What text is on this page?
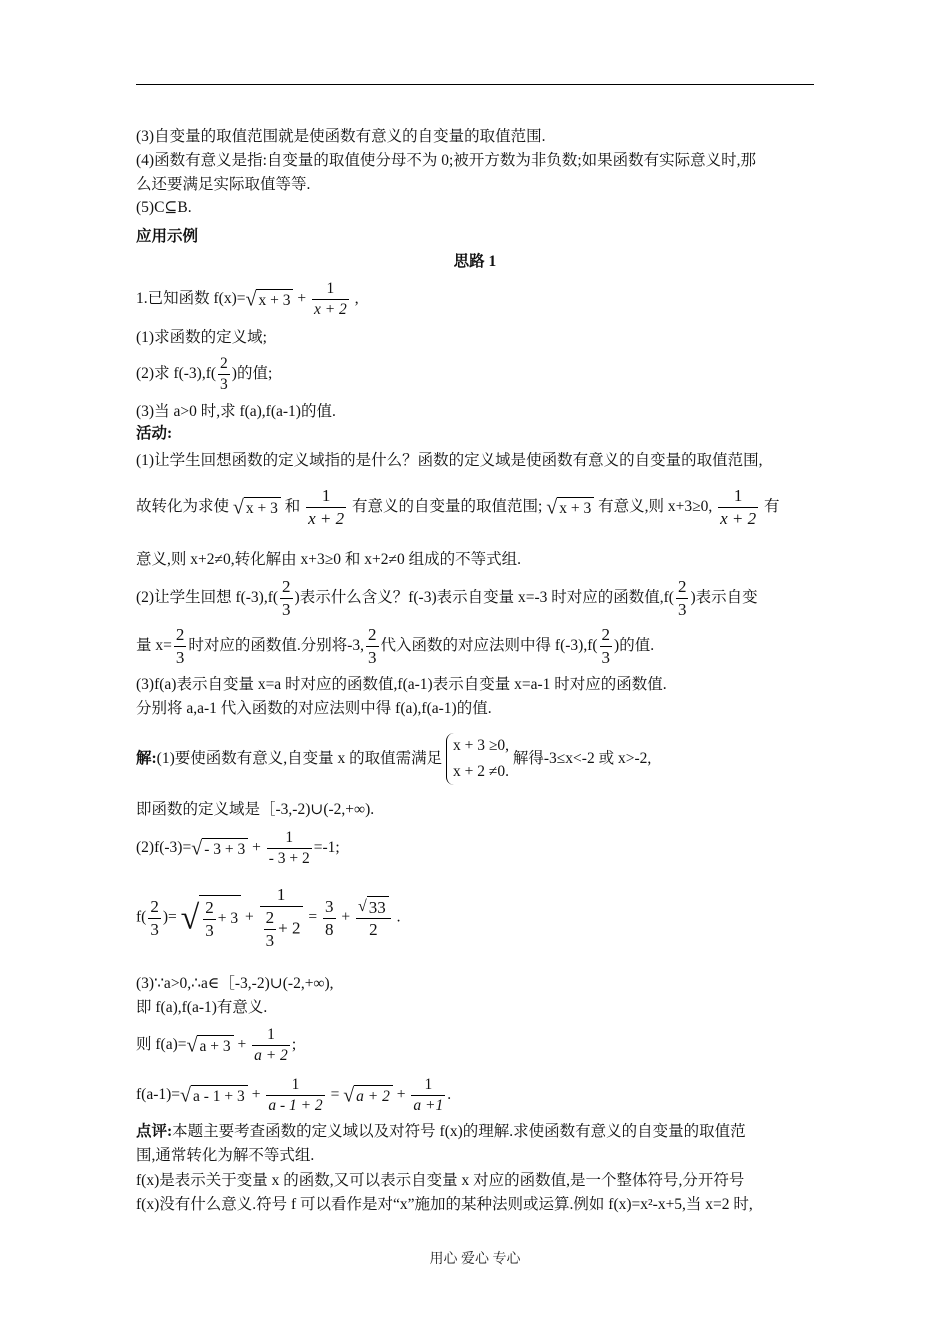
(3)自变量的取值范围就是使函数有意义的自变量的取值范围.
(4)函数有意义是指:自变量的取值使分母不为 0;被开方数为非负数;如果函数有实际意义时,那
么还要满足实际取值等等.
(5)C⊆B.
应用示例
思路 1
1.已知函数 f(x)=√ $x + 3 + \frac{1}{x + 2}$ ,
(1)求函数的定义域;
(2)求 $f(-3),f( \frac{2}{3}$ )的值;
(3)当 a>0 时,求 f(a),f(a-1)的值.
活动:
(1)让学生回想函数的定义域指的是什么？函数的定义域是使函数有意义的自变量的取值范围,
故转化为求使 √ x + 3 和 $\frac{1}{x + 2}$ 有意义的自变量的取值范围; √ x + 3 有意义,则 x+3≥0, $\frac{1}{x + 2}$ 有
意义,则 x+2≠0,转化解由 x+3≥0 和 x+2≠0 组成的不等式组.
(2)让学生回想 $f(-3),f( \frac{2}{3}$ )表示什么含义？f(-3)表示自变量 x=-3 时对应的函数值$,f( \frac{2}{3}$ )表示自变
量 $x= \frac{2}{3}$ 时对应的函数值.分别将-3, $\frac{2}{3}$ 代入函数的对应法则中得 $f(-3),f( \frac{2}{3}$ )的值.
(3)f(a)表示自变量 x=a 时对应的函数值,f(a-1)表示自变量 x=a-1 时对应的函数值.
分别将 a,a-1 代入函数的对应法则中得 f(a),f(a-1)的值.
解:(1)要使函数有意义,自变量 x 的取值需满足
x + 3 ≥0,
x + 2 ≠0.
解得-3≤x<-2 或 x>-2,
即函数的定义域是［-3,-2)∪(-2,+∞).
$(2)f(-3)=√ - 3 + 3 + \frac{1}{- 3 + 2} =-1$;
$f( \frac{2}{3}$ )= √ $\frac{2}{3} + 3 + \frac{1}{\frac{2}{3} + 2} = \frac{3}{8} + \frac{√ 33}{2}$ .
(3)∵a>0,∴a∈［-3,-2)∪(-2,+∞),
即 f(a),f(a-1)有意义.
则 f(a)=√ $a + 3 + \frac{1}{a + 2}$ ;
f(a-1)=√ $a - 1 + 3 + \frac{1}{a - 1 + 2}$ = √ $a + 2 + \frac{1}{a +1}$ .
点评:本题主要考查函数的定义域以及对符号 f(x)的理解.求使函数有意义的自变量的取值范
围,通常转化为解不等式组.
f(x)是表示关于变量 x 的函数,又可以表示自变量 x 对应的函数值,是一个整体符号,分开符号
f(x)没有什么意义.符号 f 可以看作是对“x”施加的某种法则或运算.例如 f(x)=x²-x+5,当 x=2 时,
用心 爱心 专心
